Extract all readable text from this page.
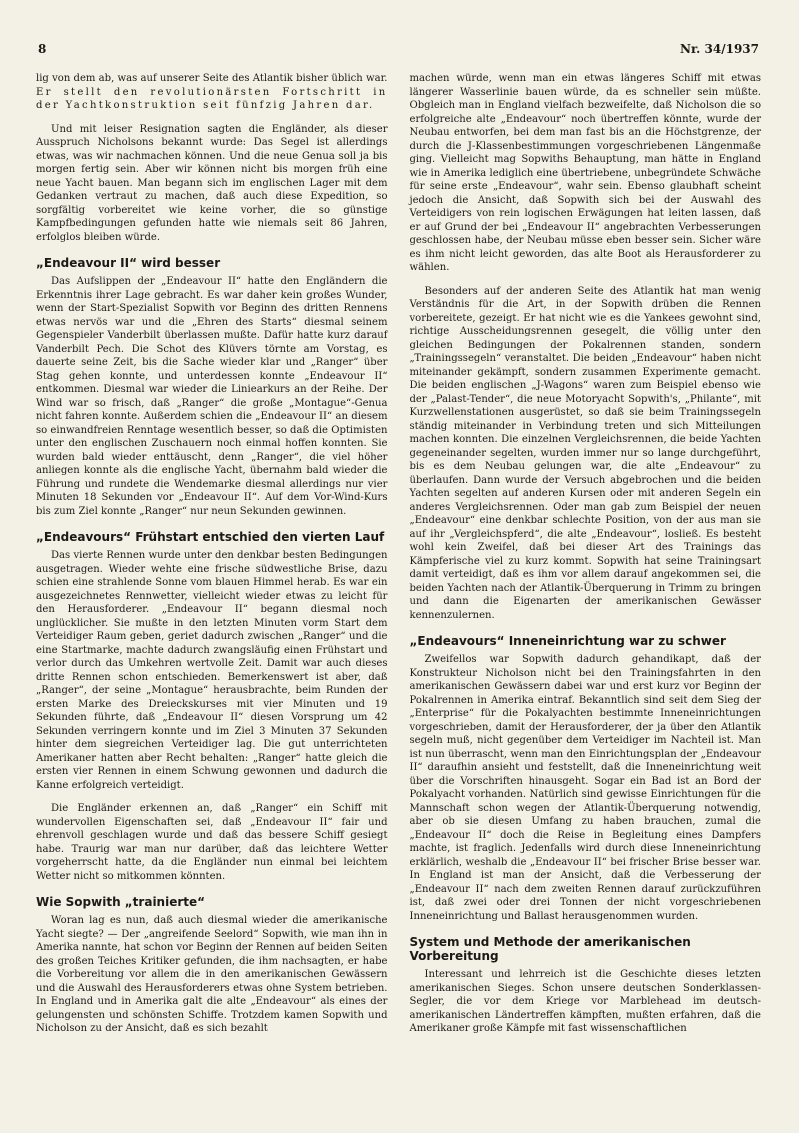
8	Nr. 34/1937

lig von dem ab, was auf unserer Seite des Atlantik bisher üblich war. Er stellt den revolutionärsten Fortschritt in der Yachtkonstruktion seit fünfzig Jahren dar.

Und mit leiser Resignation sagten die Engländer, als dieser Ausspruch Nicholsons bekannt wurde: Das Segel ist allerdings etwas, was wir nachmachen können. Und die neue Genua soll ja bis morgen fertig sein. Aber wir können nicht bis morgen früh eine neue Yacht bauen. Man begann sich im englischen Lager mit dem Gedanken vertraut zu machen, daß auch diese Expedition, so sorgfältig vorbereitet wie keine vorher, die so günstige Kampfbedingungen gefunden hatte wie niemals seit 86 Jahren, erfolglos bleiben würde.

„Endeavour II“ wird besser

Das Aufslippen der „Endeavour II“ hatte den Engländern die Erkenntnis ihrer Lage gebracht. Es war daher kein großes Wunder, wenn der Start-Spezialist Sopwith vor Beginn des dritten Rennens etwas nervös war und die „Ehren des Starts“ diesmal seinem Gegenspieler Vanderbilt überlassen mußte. Dafür hatte kurz darauf Vanderbilt Pech. Die Schot des Klüvers törnte am Vorstag, es dauerte seine Zeit, bis die Sache wieder klar und „Ranger“ über Stag gehen konnte, und unterdessen konnte „Endeavour II“ entkommen. Diesmal war wieder die Liniearkurs an der Reihe. Der Wind war so frisch, daß „Ranger“ die große „Montague“-Genua nicht fahren konnte. Außerdem schien die „Endeavour II“ an diesem so einwandfreien Renntage wesentlich besser, so daß die Optimisten unter den englischen Zuschauern noch einmal hoffen konnten. Sie wurden bald wieder enttäuscht, denn „Ranger“, die viel höher anliegen konnte als die englische Yacht, übernahm bald wieder die Führung und rundete die Wendemarke diesmal allerdings nur vier Minuten 18 Sekunden vor „Endeavour II“. Auf dem Vor-Wind-Kurs bis zum Ziel konnte „Ranger“ nur neun Sekunden gewinnen.

„Endeavours“ Frühstart entschied den vierten Lauf

Das vierte Rennen wurde unter den denkbar besten Bedingungen ausgetragen. Wieder wehte eine frische südwestliche Brise, dazu schien eine strahlende Sonne vom blauen Himmel herab. Es war ein ausgezeichnetes Rennwetter, vielleicht wieder etwas zu leicht für den Herausforderer. „Endeavour II“ begann diesmal noch unglücklicher. Sie mußte in den letzten Minuten vorm Start dem Verteidiger Raum geben, geriet dadurch zwischen „Ranger“ und die eine Startmarke, machte dadurch zwangsläufig einen Frühstart und verlor durch das Umkehren wertvolle Zeit. Damit war auch dieses dritte Rennen schon entschieden. Bemerkenswert ist aber, daß „Ranger“, der seine „Montague“ herausbrachte, beim Runden der ersten Marke des Dreieckskurses mit vier Minuten und 19 Sekunden führte, daß „Endeavour II“ diesen Vorsprung um 42 Sekunden verringern konnte und im Ziel 3 Minuten 37 Sekunden hinter dem siegreichen Verteidiger lag. Die gut unterrichteten Amerikaner hatten aber Recht behalten: „Ranger“ hatte gleich die ersten vier Rennen in einem Schwung gewonnen und dadurch die Kanne erfolgreich verteidigt.

Die Engländer erkennen an, daß „Ranger“ ein Schiff mit wundervollen Eigenschaften sei, daß „Endeavour II“ fair und ehrenvoll geschlagen wurde und daß das bessere Schiff gesiegt habe. Traurig war man nur darüber, daß das leichtere Wetter vorgeherrscht hatte, da die Engländer nun einmal bei leichtem Wetter nicht so mitkommen könnten.

Wie Sopwith „trainierte“

Woran lag es nun, daß auch diesmal wieder die amerikanische Yacht siegte? — Der „angreifende Seelord“ Sopwith, wie man ihn in Amerika nannte, hat schon vor Beginn der Rennen auf beiden Seiten des großen Teiches Kritiker gefunden, die ihm nachsagten, er habe die Vorbereitung vor allem die in den amerikanischen Gewässern und die Auswahl des Herausforderers etwas ohne System betrieben. In England und in Amerika galt die alte „Endeavour“ als eines der gelungensten und schönsten Schiffe. Trotzdem kamen Sopwith und Nicholson zu der Ansicht, daß es sich bezahlt

machen würde, wenn man ein etwas längeres Schiff mit etwas längerer Wasserlinie bauen würde, da es schneller sein müßte. Obgleich man in England vielfach bezweifelte, daß Nicholson die so erfolgreiche alte „Endeavour“ noch übertreffen könnte, wurde der Neubau entworfen, bei dem man fast bis an die Höchstgrenze, der durch die J-Klassenbestimmungen vorgeschriebenen Längenmaße ging. Vielleicht mag Sopwiths Behauptung, man hätte in England wie in Amerika lediglich eine übertriebene, unbegründete Schwäche für seine erste „Endeavour“, wahr sein. Ebenso glaubhaft scheint jedoch die Ansicht, daß Sopwith sich bei der Auswahl des Verteidigers von rein logischen Erwägungen hat leiten lassen, daß er auf Grund der bei „Endeavour II“ angebrachten Verbesserungen geschlossen habe, der Neubau müsse eben besser sein. Sicher wäre es ihm nicht leicht geworden, das alte Boot als Herausforderer zu wählen.

Besonders auf der anderen Seite des Atlantik hat man wenig Verständnis für die Art, in der Sopwith drüben die Rennen vorbereitete, gezeigt. Er hat nicht wie es die Yankees gewohnt sind, richtige Ausscheidungsrennen gesegelt, die völlig unter den gleichen Bedingungen der Pokalrennen standen, sondern „Trainingssegeln“ veranstaltet. Die beiden „Endeavour“ haben nicht miteinander gekämpft, sondern zusammen Experimente gemacht. Die beiden englischen „J-Wagons“ waren zum Beispiel ebenso wie der „Palast-Tender“, die neue Motoryacht Sopwith's, „Philante“, mit Kurzwellenstationen ausgerüstet, so daß sie beim Trainingssegeln ständig miteinander in Verbindung treten und sich Mitteilungen machen konnten. Die einzelnen Vergleichsrennen, die beide Yachten gegeneinander segelten, wurden immer nur so lange durchgeführt, bis es dem Neubau gelungen war, die alte „Endeavour“ zu überlaufen. Dann wurde der Versuch abgebrochen und die beiden Yachten segelten auf anderen Kursen oder mit anderen Segeln ein anderes Vergleichsrennen. Oder man gab zum Beispiel der neuen „Endeavour“ eine denkbar schlechte Position, von der aus man sie auf ihr „Vergleichspferd“, die alte „Endeavour“, losließ. Es besteht wohl kein Zweifel, daß bei dieser Art des Trainings das Kämpferische viel zu kurz kommt. Sopwith hat seine Trainingsart damit verteidigt, daß es ihm vor allem darauf angekommen sei, die beiden Yachten nach der Atlantik-Überquerung in Trimm zu bringen und dann die Eigenarten der amerikanischen Gewässer kennenzulernen.

„Endeavours“ Inneneinrichtung war zu schwer

Zweifellos war Sopwith dadurch gehandikapt, daß der Konstrukteur Nicholson nicht bei den Trainingsfahrten in den amerikanischen Gewässern dabei war und erst kurz vor Beginn der Pokalrennen in Amerika eintraf. Bekanntlich sind seit dem Sieg der „Enterprise“ für die Pokalyachten bestimmte Inneneinrichtungen vorgeschrieben, damit der Herausforderer, der ja über den Atlantik segeln muß, nicht gegenüber dem Verteidiger im Nachteil ist. Man ist nun überrascht, wenn man den Einrichtungsplan der „Endeavour II“ daraufhin ansieht und feststellt, daß die Inneneinrichtung weit über die Vorschriften hinausgeht. Sogar ein Bad ist an Bord der Pokalyacht vorhanden. Natürlich sind gewisse Einrichtungen für die Mannschaft schon wegen der Atlantik-Überquerung notwendig, aber ob sie diesen Umfang zu haben brauchen, zumal die „Endeavour II“ doch die Reise in Begleitung eines Dampfers machte, ist fraglich. Jedenfalls wird durch diese Inneneinrichtung erklärlich, weshalb die „Endeavour II“ bei frischer Brise besser war. In England ist man der Ansicht, daß die Verbesserung der „Endeavour II“ nach dem zweiten Rennen darauf zurückzuführen ist, daß zwei oder drei Tonnen der nicht vorgeschriebenen Inneneinrichtung und Ballast herausgenommen wurden.

System und Methode der amerikanischen Vorbereitung

Interessant und lehrreich ist die Geschichte dieses letzten amerikanischen Sieges. Schon unsere deutschen Sonderklassen-Segler, die vor dem Kriege vor Marblehead im deutsch-amerikanischen Ländertreffen kämpften, mußten erfahren, daß die Amerikaner große Kämpfe mit fast wissenschaftlichen
